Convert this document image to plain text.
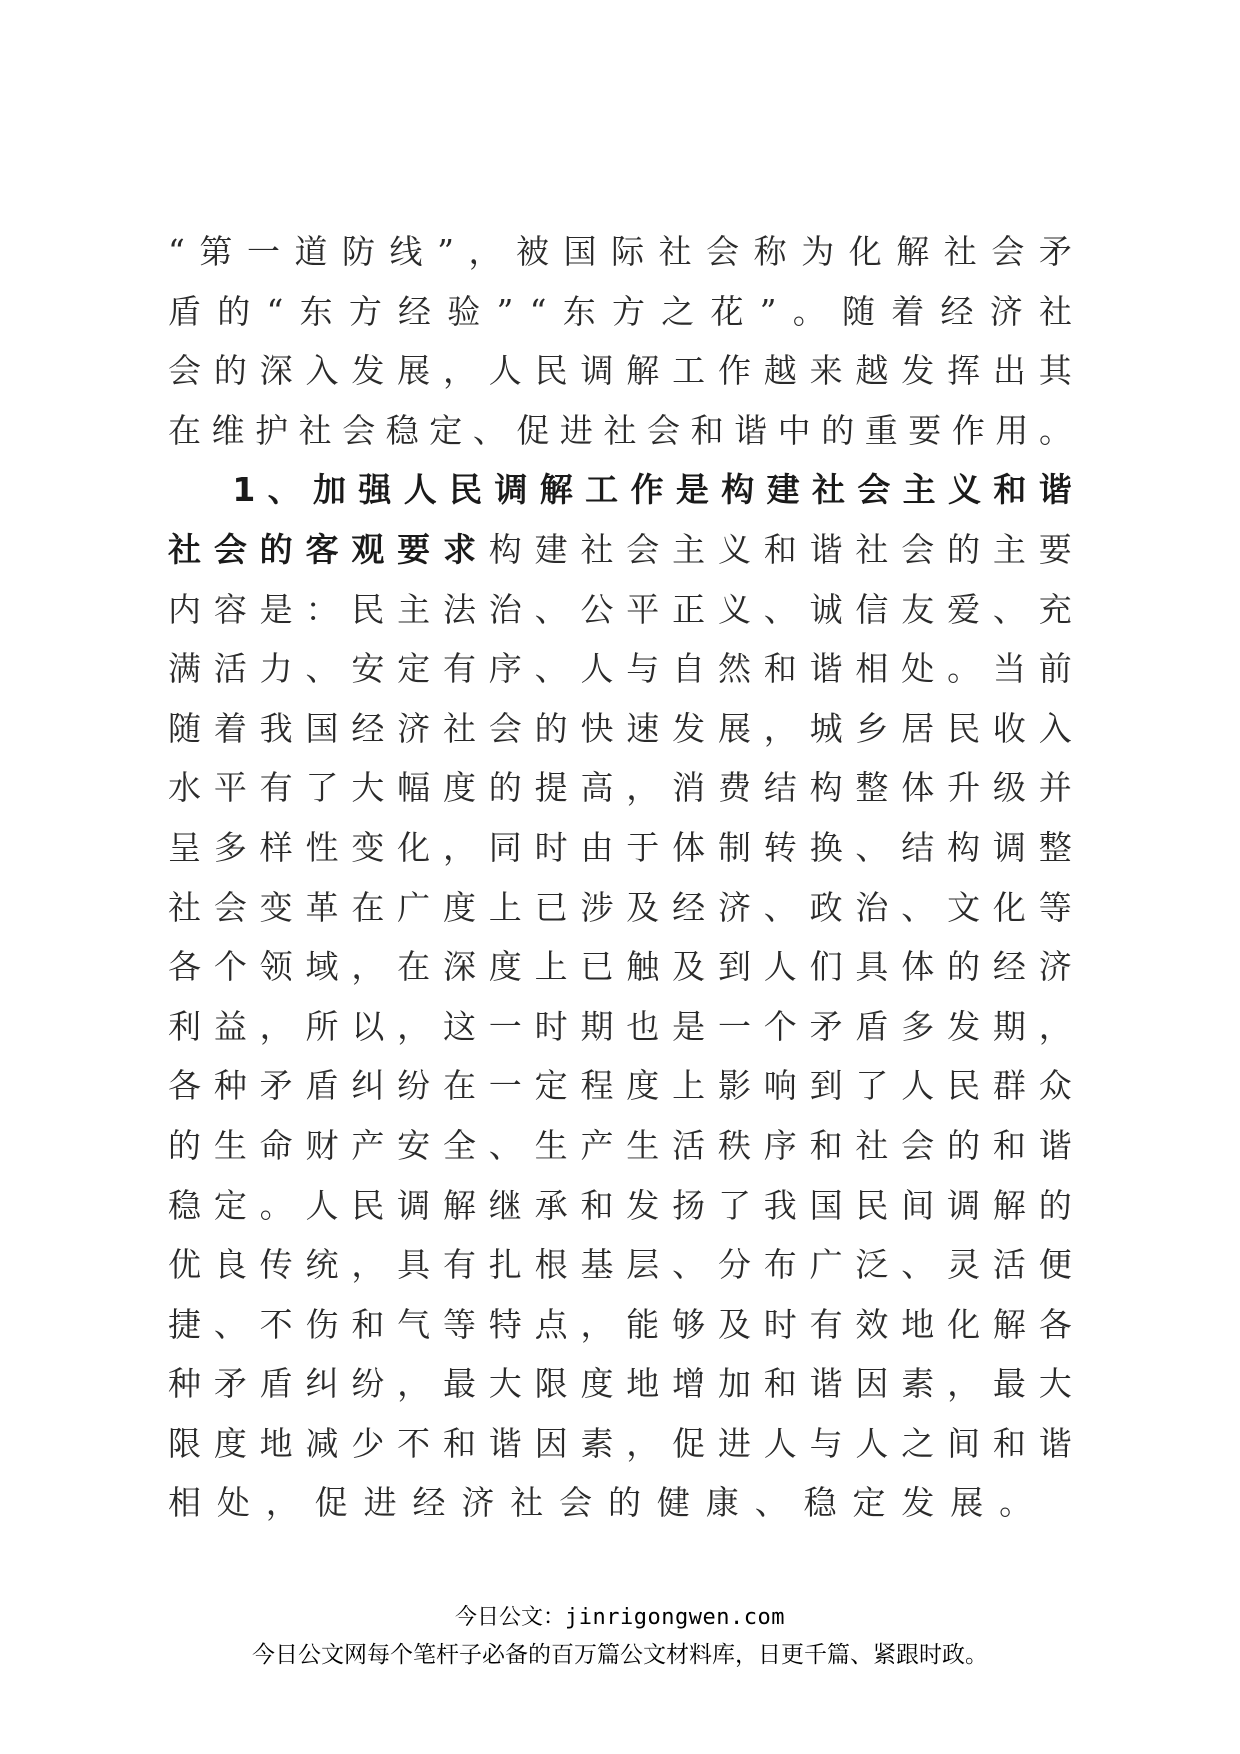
“ 第 一 道 防 线 ” ， 被 国 际 社 会 称 为 化 解 社 会 矛
盾 的 “ 东 方 经 验 ” “ 东 方 之 花 ” 。 随 着 经 济 社
会 的 深 入 发 展 ， 人 民 调 解 工 作 越 来 越 发 挥 出 其
在 维 护 社 会 稳 定 、 促 进 社 会 和 谐 中 的 重 要 作 用 。

1 、 加 强 人 民 调 解 工 作 是 构 建 社 会 主 义 和 谐
社 会 的 客 观 要 求 构 建 社 会 主 义 和 谐 社 会 的 主 要
内 容 是 ： 民 主 法 治 、 公 平 正 义 、 诚 信 友 爱 、 充
满 活 力 、 安 定 有 序 、 人 与 自 然 和 谐 相 处 。 当 前
随 着 我 国 经 济 社 会 的 快 速 发 展 ， 城 乡 居 民 收 入
水 平 有 了 大 幅 度 的 提 高 ， 消 费 结 构 整 体 升 级 并
呈 多 样 性 变 化 ， 同 时 由 于 体 制 转 换 、 结 构 调 整
社 会 变 革 在 广 度 上 已 涉 及 经 济 、 政 治 、 文 化 等
各 个 领 域 ， 在 深 度 上 已 触 及 到 人 们 具 体 的 经 济
利 益 ， 所 以 ， 这 一 时 期 也 是 一 个 矛 盾 多 发 期 ，
各 种 矛 盾 纠 纷 在 一 定 程 度 上 影 响 到 了 人 民 群 众
的 生 命 财 产 安 全 、 生 产 生 活 秩 序 和 社 会 的 和 谐
稳 定 。 人 民 调 解 继 承 和 发 扬 了 我 国 民 间 调 解 的
优 良 传 统 ， 具 有 扎 根 基 层 、 分 布 广 泛 、 灵 活 便
捷 、 不 伤 和 气 等 特 点 ， 能 够 及 时 有 效 地 化 解 各
种 矛 盾 纠 纷 ， 最 大 限 度 地 增 加 和 谐 因 素 ， 最 大
限 度 地 减 少 不 和 谐 因 素 ， 促 进 人 与 人 之 间 和 谐
相 处 ， 促 进 经 济 社 会 的 健 康 、 稳 定 发 展 。
今日公文：jinrigongwen.com
今日公文网每个笔杆子必备的百万篇公文材料库，日更千篇、紧跟时政。
